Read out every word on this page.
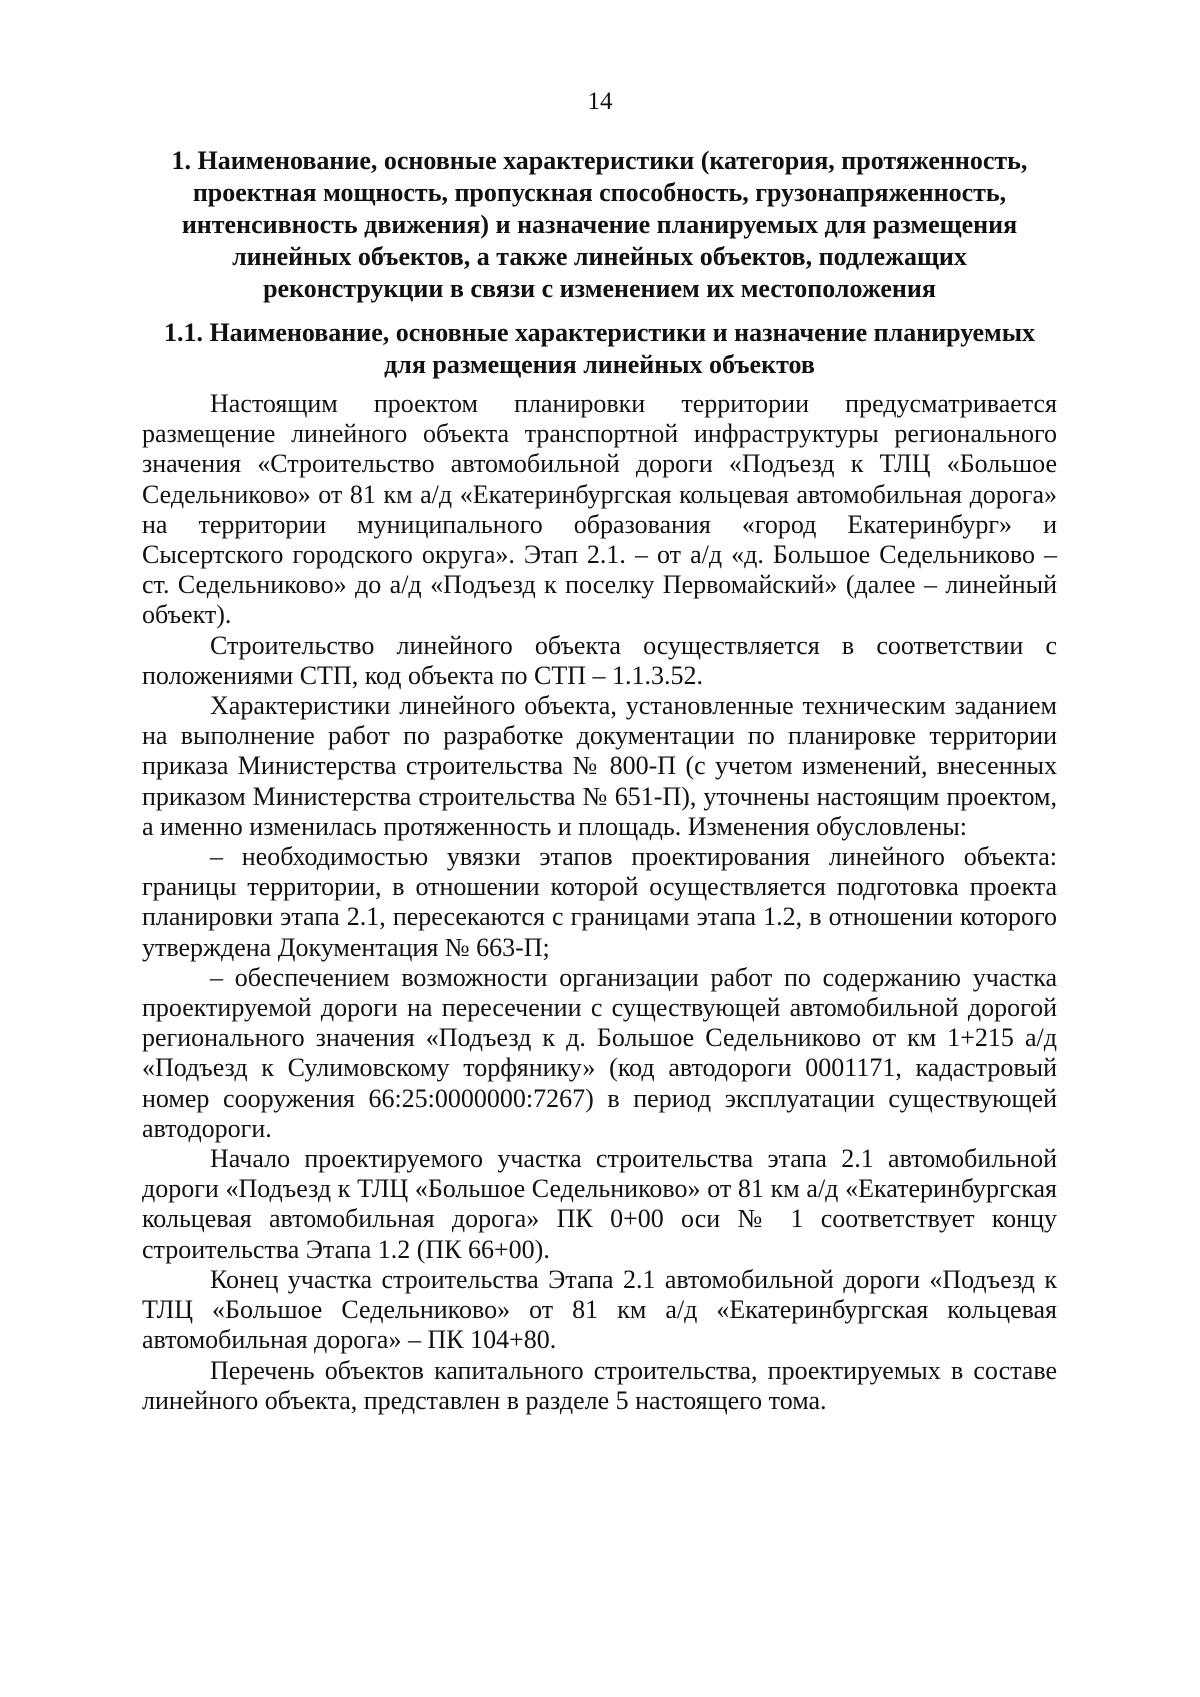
14
1. Наименование, основные характеристики (категория, протяженность, проектная мощность, пропускная способность, грузонапряженность, интенсивность движения) и назначение планируемых для размещения линейных объектов, а также линейных объектов, подлежащих реконструкции в связи с изменением их местоположения
1.1. Наименование, основные характеристики и назначение планируемых для размещения линейных объектов

Настоящим проектом планировки территории предусматривается размещение линейного объекта транспортной инфраструктуры регионального значения «Строительство автомобильной дороги «Подъезд к ТЛЦ «Большое Седельниково» от 81 км а/д «Екатеринбургская кольцевая автомобильная дорога» на территории муниципального образования «город Екатеринбург» и Сысертского городского округа». Этап 2.1. – от а/д «д. Большое Седельниково – ст. Седельниково» до а/д «Подъезд к поселку Первомайский» (далее – линейный объект).

Строительство линейного объекта осуществляется в соответствии с положениями СТП, код объекта по СТП – 1.1.3.52.

Характеристики линейного объекта, установленные техническим заданием на выполнение работ по разработке документации по планировке территории приказа Министерства строительства № 800-П (с учетом изменений, внесенных приказом Министерства строительства № 651-П), уточнены настоящим проектом, а именно изменилась протяженность и площадь. Изменения обусловлены:

– необходимостью увязки этапов проектирования линейного объекта: границы территории, в отношении которой осуществляется подготовка проекта планировки этапа 2.1, пересекаются с границами этапа 1.2, в отношении которого утверждена Документация № 663-П;

– обеспечением возможности организации работ по содержанию участка проектируемой дороги на пересечении с существующей автомобильной дорогой регионального значения «Подъезд к д. Большое Седельниково от км 1+215 а/д «Подъезд к Сулимовскому торфянику» (код автодороги 0001171, кадастровый номер сооружения 66:25:0000000:7267) в период эксплуатации существующей автодороги.

Начало проектируемого участка строительства этапа 2.1 автомобильной дороги «Подъезд к ТЛЦ «Большое Седельниково» от 81 км а/д «Екатеринбургская кольцевая автомобильная дорога» ПК 0+00 оси № 1 соответствует концу строительства Этапа 1.2 (ПК 66+00).

Конец участка строительства Этапа 2.1 автомобильной дороги «Подъезд к ТЛЦ «Большое Седельниково» от 81 км а/д «Екатеринбургская кольцевая автомобильная дорога» – ПК 104+80.

Перечень объектов капитального строительства, проектируемых в составе линейного объекта, представлен в разделе 5 настоящего тома.
